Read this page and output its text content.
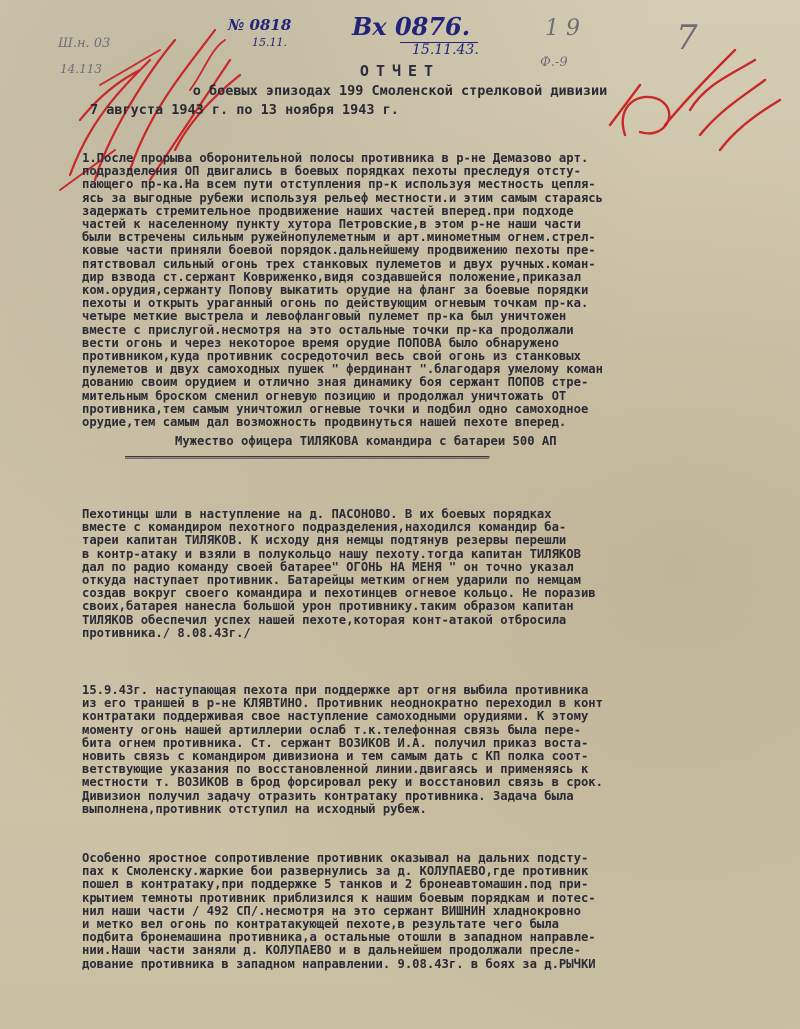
№ 0818
15.11.
Вх 0876.
15.11.43.
1 9
Ф.-9
7
Ш.н. 03
14.113	ОТЧЕТ

о боевых эпизодах 199 Смоленской стрелковой дивизии

7 августа 1943 г. по 13 ноября 1943 г.

1.После прорыва оборонительной полосы противника в р-не Демазово арт.
подразделения ОП двигались в боевых порядках пехоты преследуя отсту-
пающего пр-ка.На всем пути отступления пр-к используя местность цепля-
ясь за выгодные рубежи используя рельеф местности.и этим самым стараясь
задержать стремительное продвижение наших частей вперед.при подходе
частей к населенному пункту хутора Петровские,в этом р-не наши части
были встречены сильным ружейнопулеметным и арт.минометным огнем.стрел-
ковые части приняли боевой порядок.дальнейшему продвижению пехоты пре-
пятствовал сильный огонь трех станковых пулеметов и двух ручных.коман-
дир взвода ст.сержант Ковриженко,видя создавшейся положение,приказал
ком.орудия,сержанту Попову выкатить орудие на фланг за боевые порядки
пехоты и открыть ураганный огонь по действующим огневым точкам пр-ка.
четыре меткие выстрела и левофланговый пулемет пр-ка был уничтожен
вместе с прислугой.несмотря на это остальные точки пр-ка продолжали
вести огонь и через некоторое время орудие ПОПОВА было обнаружено
противником,куда противник сосредоточил весь свой огонь из станковых
пулеметов и двух самоходных пушек " фердинант ".благодаря умелому коман
дованию своим орудием и отлично зная динамику боя сержант ПОПОВ стре-
мительным броском сменил огневую позицию и продолжал уничтожать ОТ
противника,тем самым уничтожил огневые точки и подбил одно самоходное
орудие,тем самым дал возможность продвинуться нашей пехоте вперед.

Мужество офицера ТИЛЯКОВА командира с батареи 500 АП

═══════════════════════════════════════════════════════

Пехотинцы шли в наступление на д. ПАСОНОВО. В их боевых порядках
вместе с командиром пехотного подразделения,находился командир ба-
тареи капитан ТИЛЯКОВ. К исходу дня немцы подтянув резервы перешли
в контр-атаку и взяли в полукольцо нашу пехоту.тогда капитан ТИЛЯКОВ
дал по радио команду своей батарее" ОГОНЬ НА МЕНЯ " он точно указал
откуда наступает противник. Батарейцы метким огнем ударили по немцам
создав вокруг своего командира и пехотинцев огневое кольцо. Не поразив
своих,батарея нанесла большой урон противнику.таким образом капитан
ТИЛЯКОВ обеспечил успех нашей пехоте,которая конт-атакой отбросила
противника./ 8.08.43г./

15.9.43г. наступающая пехота при поддержке арт огня выбила противника
из его траншей в р-не КЛЯВТИНО. Противник неоднократно переходил в конт
контратаки поддерживая свое наступление самоходными орудиями. К этому
моменту огонь нашей артиллерии ослаб т.к.телефонная связь была пере-
бита огнем противника. Ст. сержант ВОЗИКОВ И.А. получил приказ воста-
новить связь с командиром дивизиона и тем самым дать с КП полка соот-
ветствующие указания по восстановленной линии.двигаясь и применяясь к
местности т. ВОЗИКОВ в брод форсировал реку и восстановил связь в срок.
Дивизион получил задачу отразить контратаку противника. Задача была
выполнена,противник отступил на исходный рубеж.

Особенно яростное сопротивление противник оказывал на дальних подсту-
пах к Смоленску.жаркие бои развернулись за д. КОЛУПАЕВО,где противник
пошел в контратаку,при поддержке 5 танков и 2 бронеавтомашин.под при-
крытием темноты противник приблизился к нашим боевым порядкам и потес-
нил наши части / 492 СП/.несмотря на это сержант ВИШНИН хладнокровно
и метко вел огонь по контратакующей пехоте,в результате чего была
подбита бронемашина противника,а остальные отошли в западном направле-
нии.Наши части заняли д. КОЛУПАЕВО и в дальнейшем продолжали пресле-
дование противника в западном направлении. 9.08.43г. в боях за д.РЫЧКИ
